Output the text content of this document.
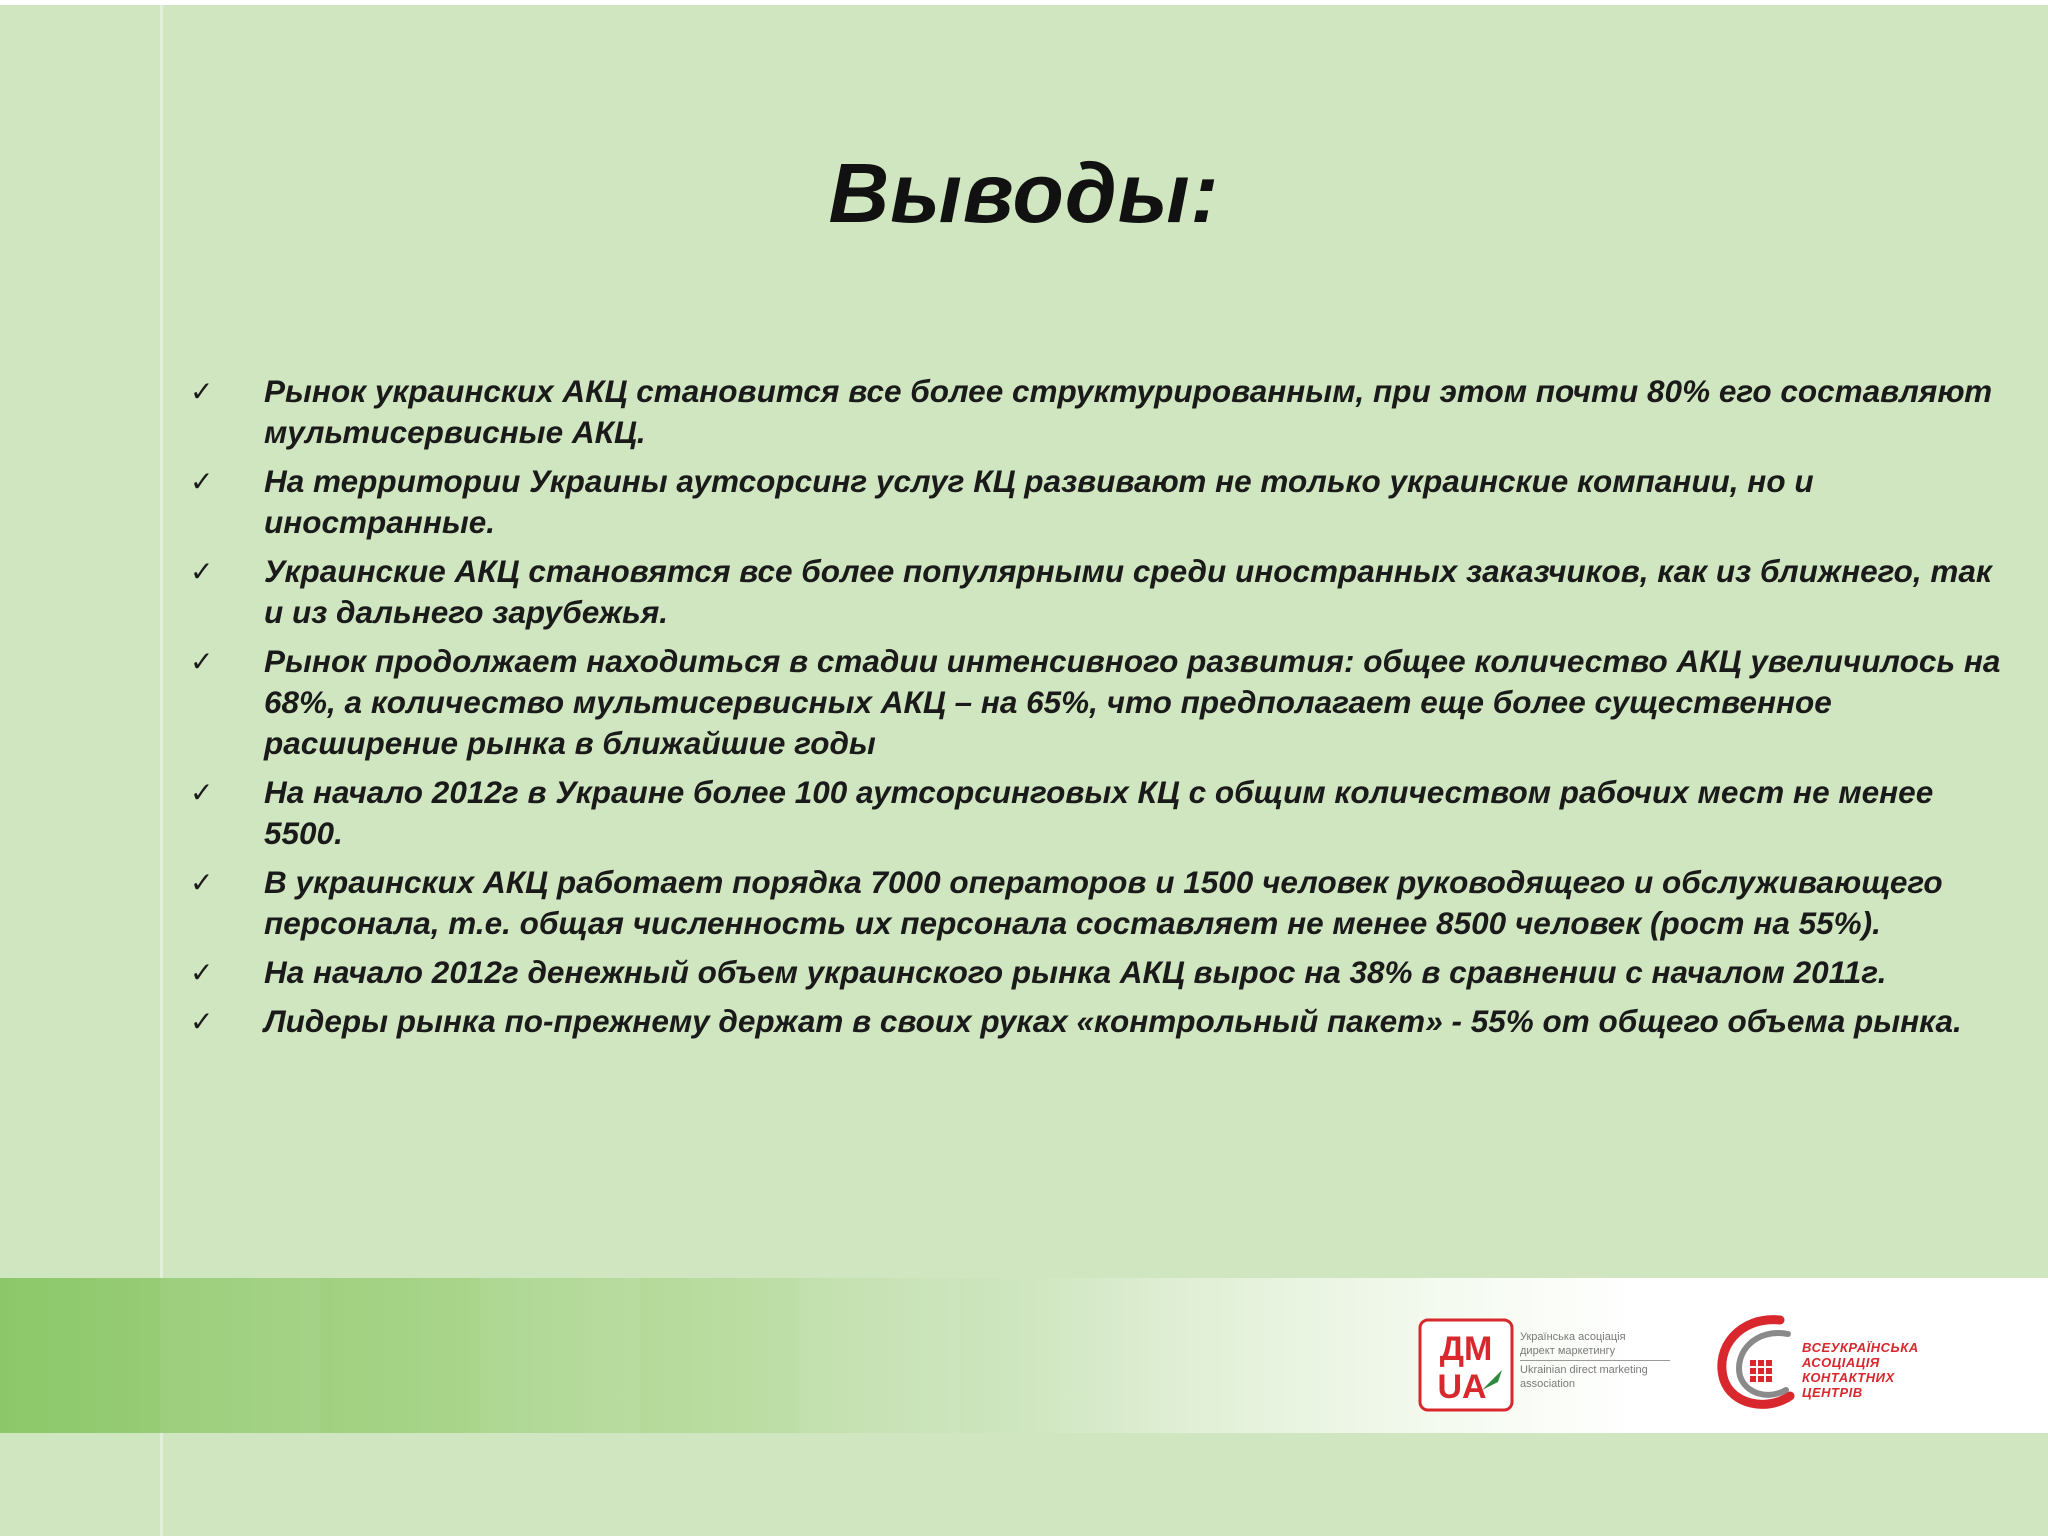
Выводы:
✓ Рынок украинских АКЦ становится все более структурированным, при этом почти 80% его составляют мультисервисные АКЦ.
✓ На территории Украины аутсорсинг услуг КЦ развивают не только украинские компании, но и иностранные.
✓ Украинские АКЦ становятся все более популярными среди иностранных заказчиков, как из ближнего, так и из дальнего зарубежья.
✓ Рынок продолжает находиться в стадии интенсивного развития: общее количество АКЦ увеличилось на 68%, а количество мультисервисных АКЦ – на 65%, что предполагает еще более существенное расширение рынка в ближайшие годы
✓ На начало 2012г в Украине более 100 аутсорсинговых КЦ с общим количеством рабочих мест не менее 5500.
✓ В украинских АКЦ работает порядка 7000 операторов и 1500 человек руководящего и обслуживающего персонала, т.е. общая численность их персонала составляет не менее 8500 человек (рост на 55%).
✓ На начало 2012г денежный объем украинского рынка АКЦ вырос на 38% в сравнении с началом 2011г.
✓ Лидеры рынка по-прежнему держат в своих руках «контрольный пакет» - 55% от общего объема рынка.
ДМ
UA
Українська асоціація
директ маркетингу
Ukrainian direct marketing
association
ВСЕУКРАЇНСЬКА
АСОЦІАЦІЯ
КОНТАКТНИХ
ЦЕНТРІВ
